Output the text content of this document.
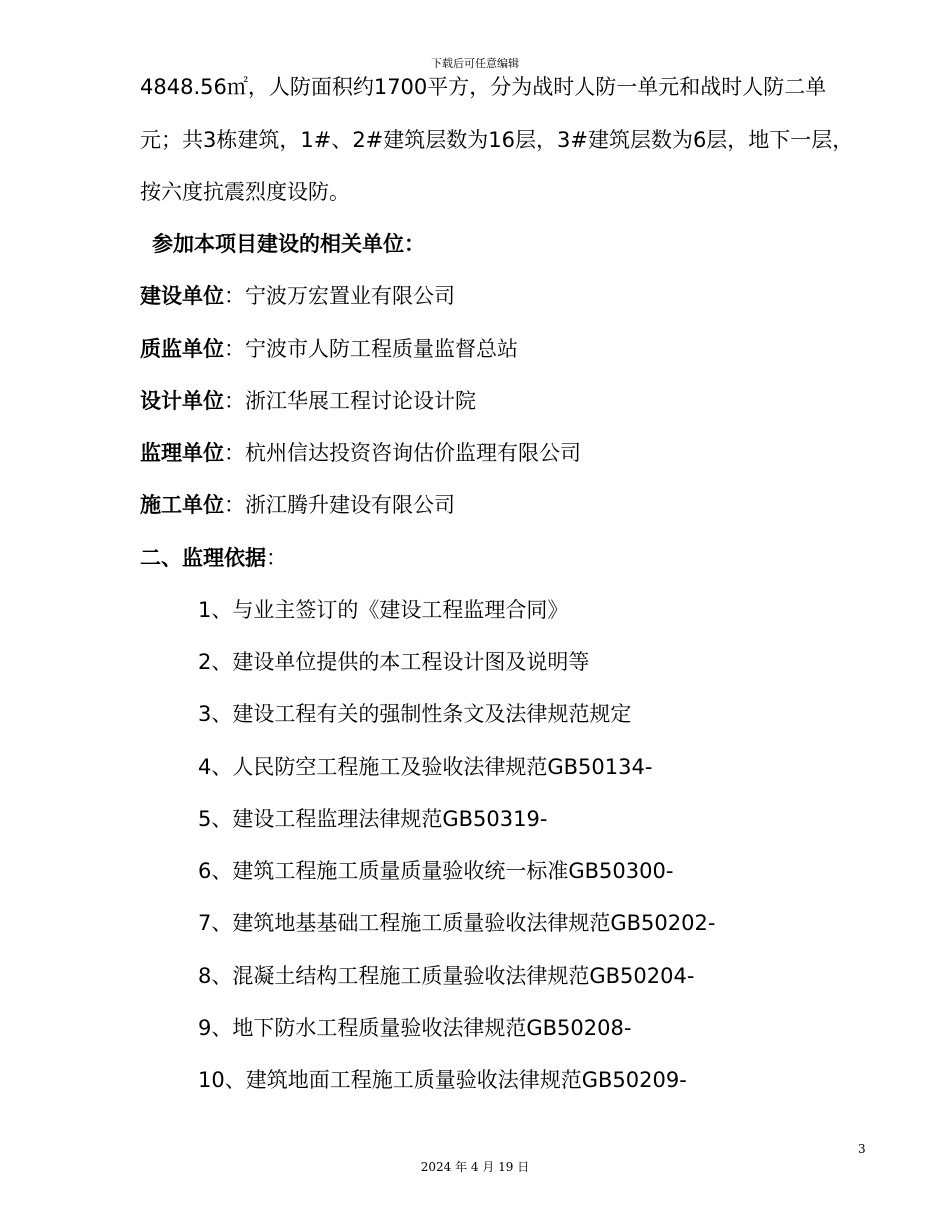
下载后可任意编辑
4848.56㎡，人防面积约1700平方，分为战时人防一单元和战时人防二单
元；共3栋建筑，1#、2#建筑层数为16层，3#建筑层数为6层，地下一层，
按六度抗震烈度设防。
参加本项目建设的相关单位：
建设单位：宁波万宏置业有限公司
质监单位：宁波市人防工程质量监督总站
设计单位：浙江华展工程讨论设计院
监理单位：杭州信达投资咨询估价监理有限公司
施工单位：浙江腾升建设有限公司
二、监理依据：
1、与业主签订的《建设工程监理合同》
2、建设单位提供的本工程设计图及说明等
3、建设工程有关的强制性条文及法律规范规定
4、人民防空工程施工及验收法律规范GB50134-
5、建设工程监理法律规范GB50319-
6、建筑工程施工质量质量验收统一标准GB50300-
7、建筑地基基础工程施工质量验收法律规范GB50202-
8、混凝土结构工程施工质量验收法律规范GB50204-
9、地下防水工程质量验收法律规范GB50208-
10、建筑地面工程施工质量验收法律规范GB50209-
3
2024 年 4 月 19 日
